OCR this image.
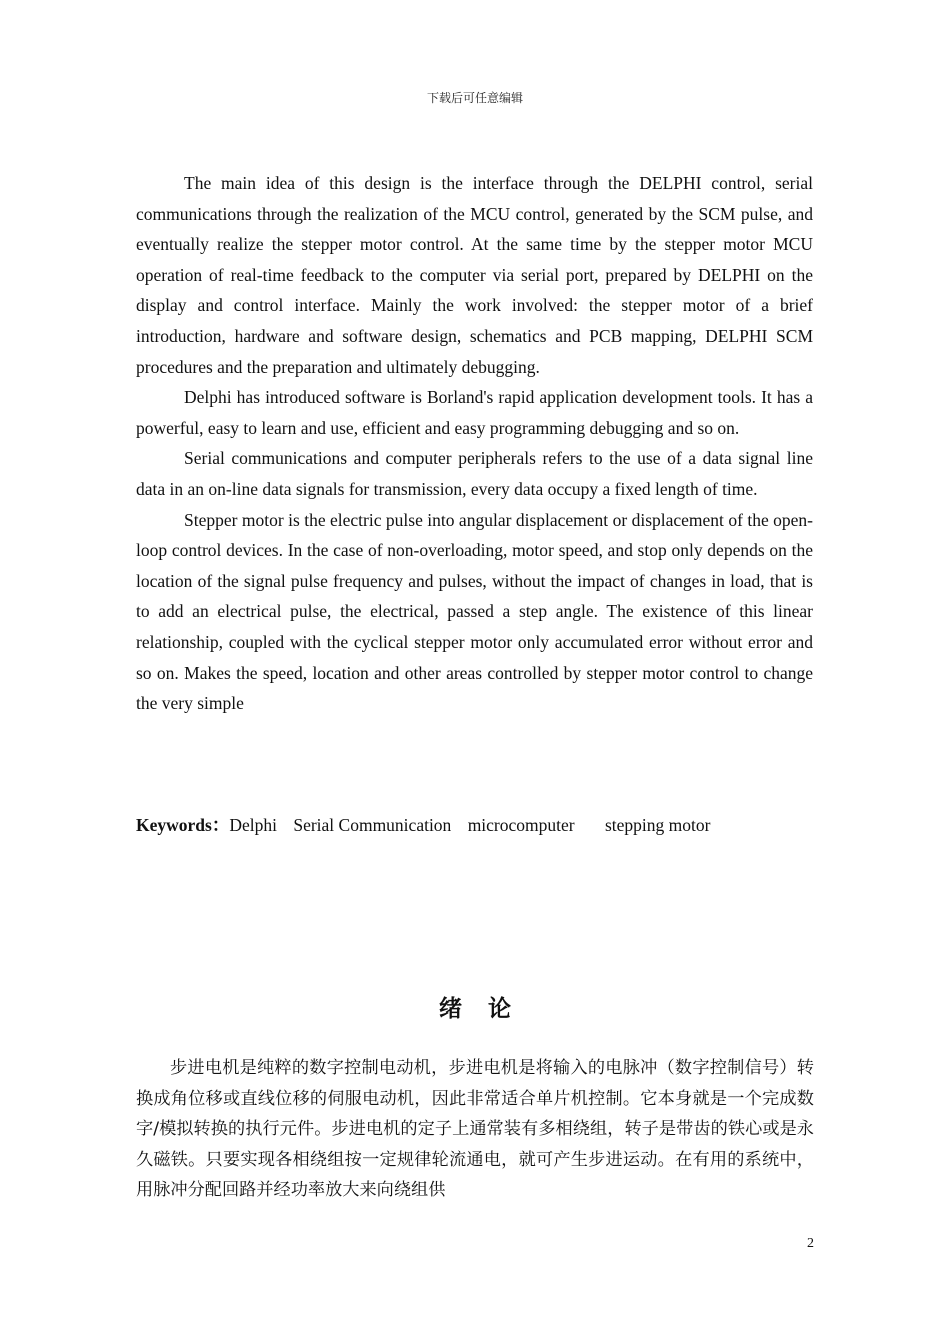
下载后可任意编辑

The main idea of this design is the interface through the DELPHI control, serial communications through the realization of the MCU control, generated by the SCM pulse, and eventually realize the stepper motor control. At the same time by the stepper motor MCU operation of real-time feedback to the computer via serial port, prepared by DELPHI on the display and control interface. Mainly the work involved: the stepper motor of a brief introduction, hardware and software design, schematics and PCB mapping, DELPHI SCM procedures and the preparation and ultimately debugging.

Delphi has introduced software is Borland's rapid application development tools. It has a powerful, easy to learn and use, efficient and easy programming debugging and so on.

Serial communications and computer peripherals refers to the use of a data signal line data in an on-line data signals for transmission, every data occupy a fixed length of time.

Stepper motor is the electric pulse into angular displacement or displacement of the open-loop control devices. In the case of non-overloading, motor speed, and stop only depends on the location of the signal pulse frequency and pulses, without the impact of changes in load, that is to add an electrical pulse, the electrical, passed a step angle. The existence of this linear relationship, coupled with the cyclical stepper motor only accumulated error without error and so on. Makes the speed, location and other areas controlled by stepper motor control to change the very simple

Keywords：Delphi Serial Communication microcomputer stepping motor
绪论

步进电机是纯粹的数字控制电动机，步进电机是将输入的电脉冲（数字控制信号）转换成角位移或直线位移的伺服电动机，因此非常适合单片机控制。它本身就是一个完成数字/模拟转换的执行元件。步进电机的定子上通常装有多相绕组，转子是带齿的铁心或是永久磁铁。只要实现各相绕组按一定规律轮流通电，就可产生步进运动。在有用的系统中，用脉冲分配回路并经功率放大来向绕组供

2
